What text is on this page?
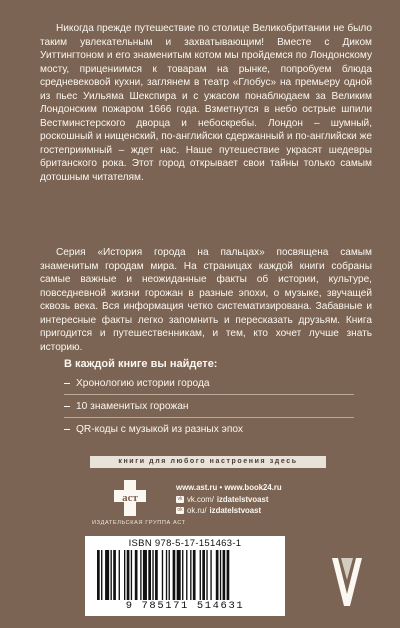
Никогда прежде путешествие по столице Великобритании не было таким увлекательным и захватывающим! Вместе с Диком Уиттингтоном и его знаменитым котом мы пройдемся по Лондонскому мосту, прицениимся к товарам на рынке, попробуем блюда средневековой кухни, заглянем в театр «Глобус» на премьеру одной из пьес Уильяма Шекспира и с ужасом понаблюдаем за Великим Лондонским пожаром 1666 года. Взметнутся в небо острые шпили Вестминстерского дворца и небоскребы. Лондон – шумный, роскошный и нищенский, по-английски сдержанный и по-английски же гостеприимный – ждет нас. Наше путешествие украсят шедевры британского рока. Этот город открывает свои тайны только самым дотошным читателям.

Серия «История города на пальцах» посвящена самым знаменитым городам мира. На страницах каждой книги собраны самые важные и неожиданные факты об истории, культуре, повседневной жизни горожан в разные эпохи, о музыке, звучащей сквозь века. Вся информация четко систематизирована. Забавные и интересные факты легко запомнить и пересказать друзьям. Книга пригодится и путешественникам, и тем, кто хочет лучше знать историю.

В каждой книге вы найдете:

Хронологию истории города
10 знаменитых горожан
QR-коды с музыкой из разных эпох
книги для любого настроения здесь
аст
ИЗДАТЕЛЬСКАЯ ГРУППА АСТ
www.ast.ru • www.book24.ru
vk vk.com/ izdatelstvoast
ok ok.ru/ izdatelstvoast
ISBN 978-5-17-151463-1
9 785171 514631
